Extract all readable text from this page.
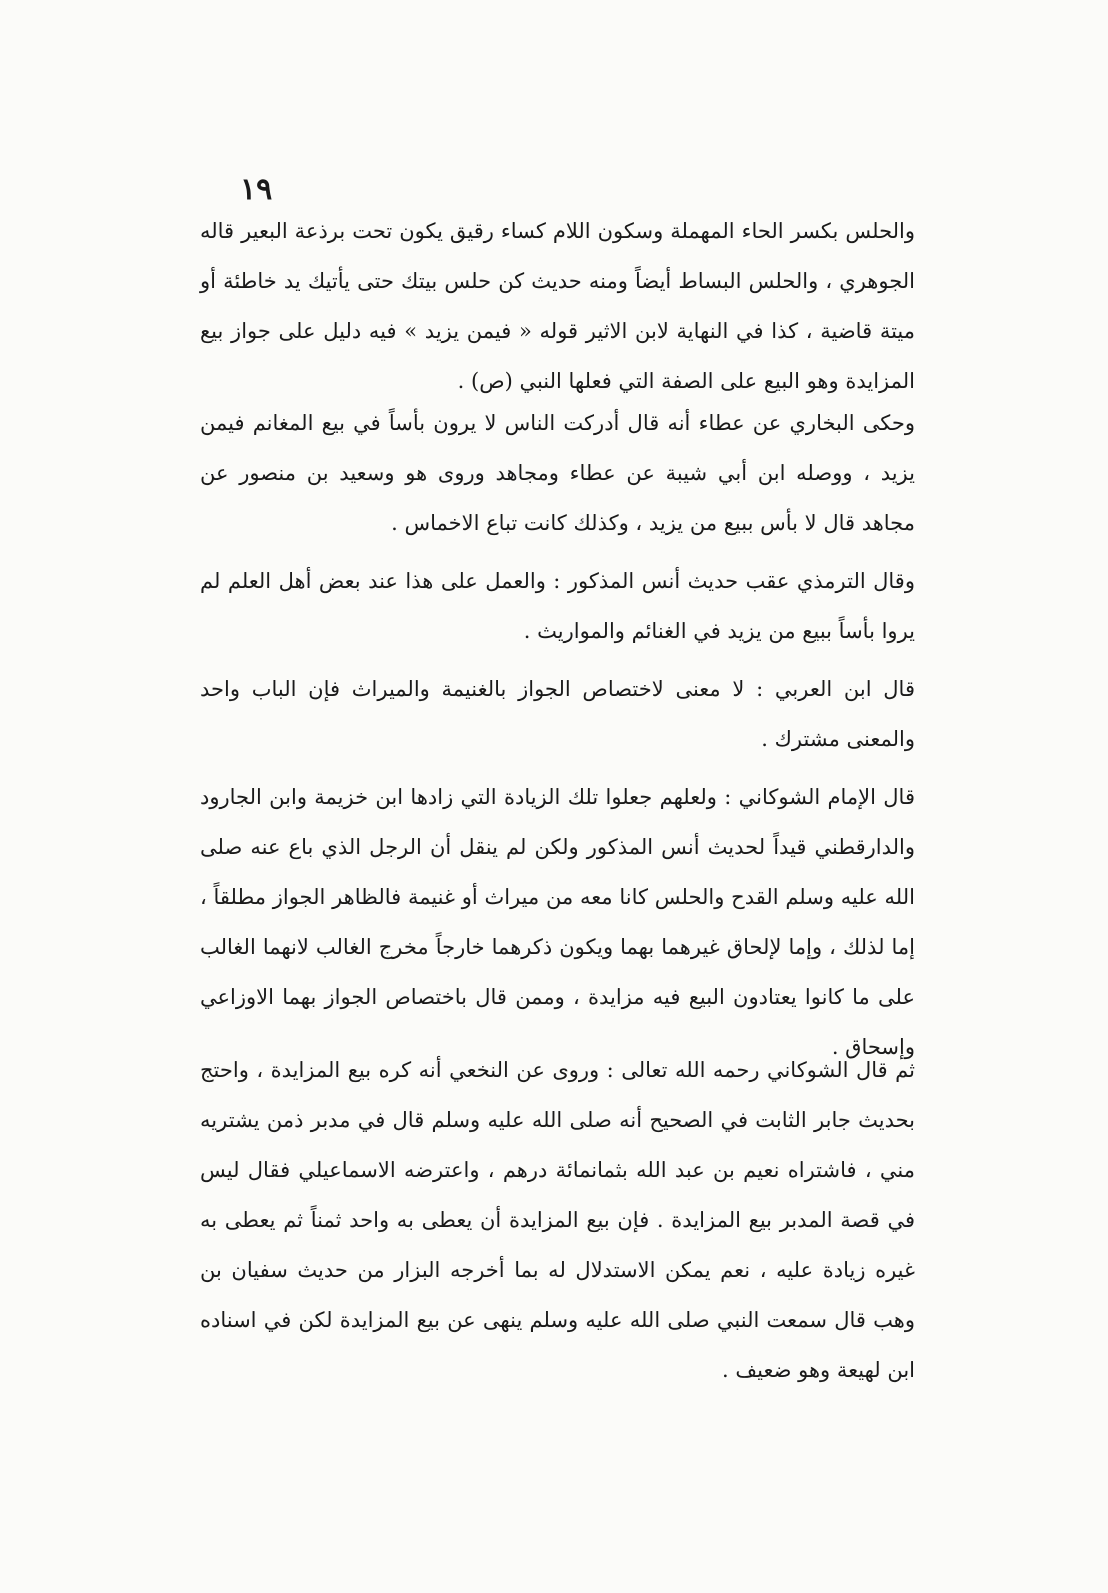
١٩

والحلس بكسر الحاء المهملة وسكون اللام كساء رقيق يكون تحت برذعة البعير قاله الجوهري ، والحلس البساط أيضاً ومنه حديث كن حلس بيتك حتى يأتيك يد خاطئة أو ميتة قاضية ، كذا في النهاية لابن الاثير قوله « فيمن يزيد » فيه دليل على جواز بيع المزايدة وهو البيع على الصفة التي فعلها النبي (ص) .

وحكى البخاري عن عطاء أنه قال أدركت الناس لا يرون بأساً في بيع المغانم فيمن يزيد ، ووصله ابن أبي شيبة عن عطاء ومجاهد وروى هو وسعيد بن منصور عن مجاهد قال لا بأس ببيع من يزيد ، وكذلك كانت تباع الاخماس .

وقال الترمذي عقب حديث أنس المذكور : والعمل على هذا عند بعض أهل العلم لم يروا بأساً ببيع من يزيد في الغنائم والمواريث .

قال ابن العربي : لا معنى لاختصاص الجواز بالغنيمة والميراث فإن الباب واحد والمعنى مشترك .

قال الإمام الشوكاني : ولعلهم جعلوا تلك الزيادة التي زادها ابن خزيمة وابن الجارود والدارقطني قيداً لحديث أنس المذكور ولكن لم ينقل أن الرجل الذي باع عنه صلى الله عليه وسلم القدح والحلس كانا معه من ميراث أو غنيمة فالظاهر الجواز مطلقاً ، إما لذلك ، وإما لإلحاق غيرهما بهما ويكون ذكرهما خارجاً مخرج الغالب لانهما الغالب على ما كانوا يعتادون البيع فيه مزايدة ، وممن قال باختصاص الجواز بهما الاوزاعي وإسحاق .

ثم قال الشوكاني رحمه الله تعالى : وروى عن النخعي أنه كره بيع المزايدة ، واحتج بحديث جابر الثابت في الصحيح أنه صلى الله عليه وسلم قال في مدبر ذمن يشتريه مني ، فاشتراه نعيم بن عبد الله بثمانمائة درهم ، واعترضه الاسماعيلي فقال ليس في قصة المدبر بيع المزايدة . فإن بيع المزايدة أن يعطى به واحد ثمناً ثم يعطى به غيره زيادة عليه ، نعم يمكن الاستدلال له بما أخرجه البزار من حديث سفيان بن وهب قال سمعت النبي صلى الله عليه وسلم ينهى عن بيع المزايدة لكن في اسناده ابن لهيعة وهو ضعيف .
